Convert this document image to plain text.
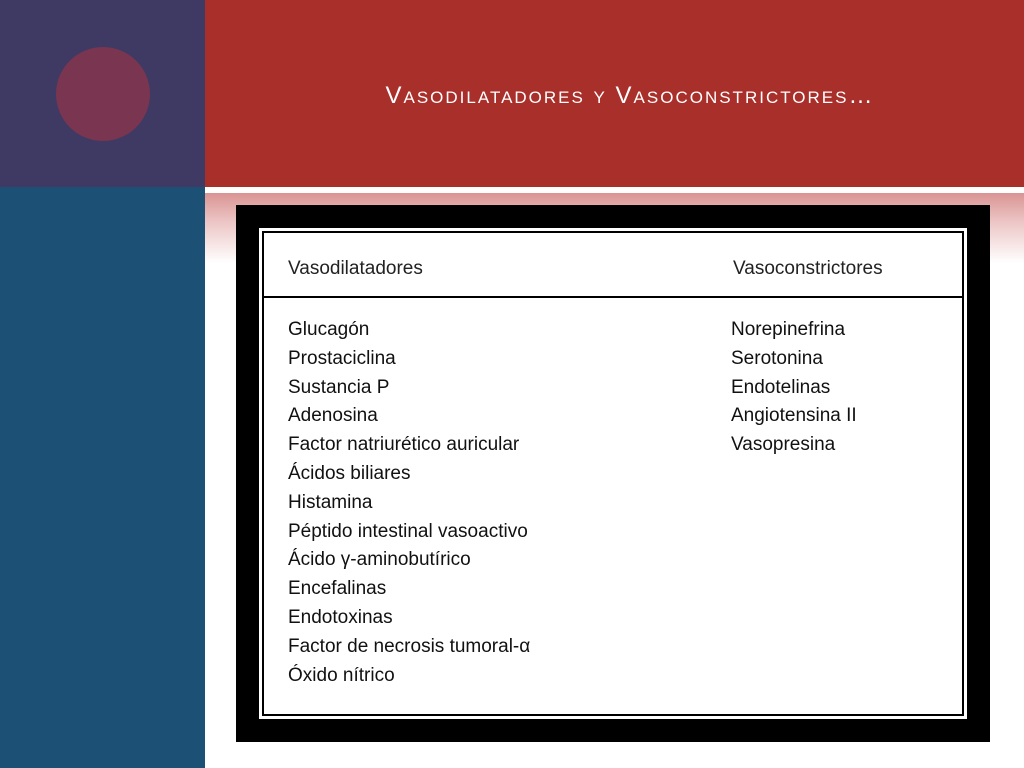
Vasodilatadores y Vasoconstrictores…
Vasodilatadores	Vasoconstrictores
Glucagón
Prostaciclina
Sustancia P
Adenosina
Factor natriurético auricular
Ácidos biliares
Histamina
Péptido intestinal vasoactivo
Ácido γ-aminobutírico
Encefalinas
Endotoxinas
Factor de necrosis tumoral-α
Óxido nítrico
Norepinefrina
Serotonina
Endotelinas
Angiotensina II
Vasopresina
